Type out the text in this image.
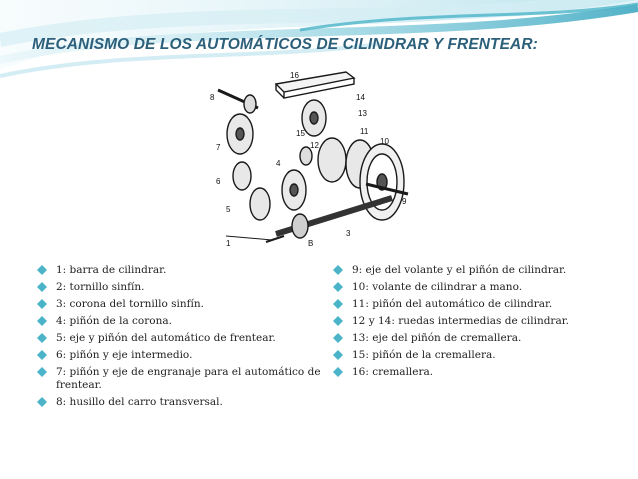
MECANISMO DE LOS AUTOMÁTICOS DE CILINDRAR Y FRENTEAR:
16
14
13
11
10
15
12
8
7
6
5
4
3
9
1	B
1: barra de cilindrar.
2: tornillo sinfín.
3: corona del tornillo sinfín.
4: piñón de la corona.
5: eje y piñón del automático de frentear.
6: piñón y eje intermedio.
7: piñón y eje de engranaje para el automático de frentear.
8: husillo del carro transversal.
9: eje del volante y el piñón de cilindrar.
10: volante de cilindrar a mano.
11: piñón del automático de cilindrar.
12 y 14: ruedas intermedias de cilindrar.
13: eje del piñón de cremallera.
15: piñón de la cremallera.
16: cremallera.
